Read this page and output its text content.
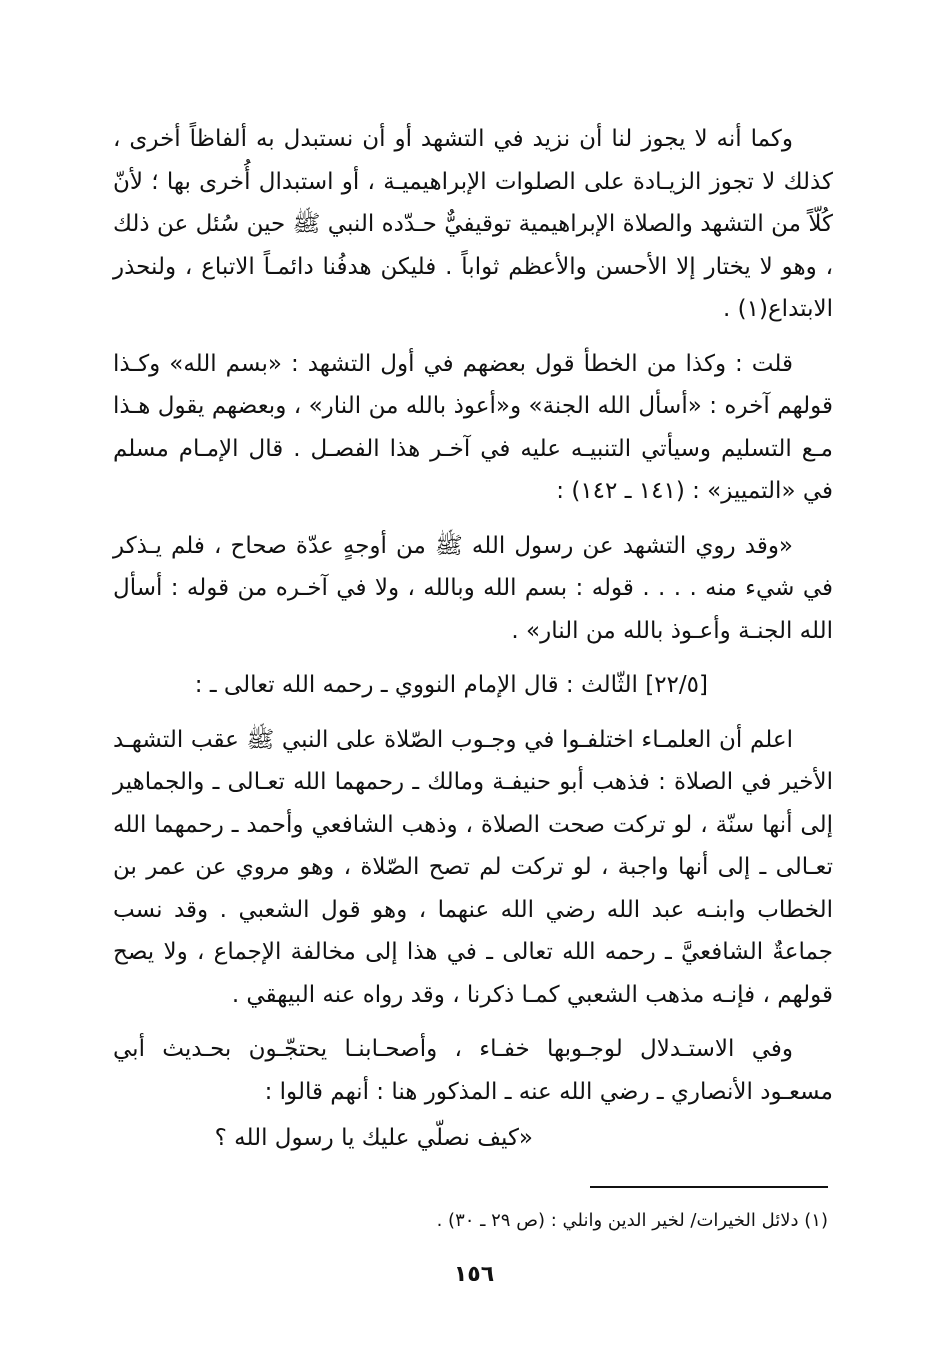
وكما أنه لا يجوز لنا أن نزيد في التشهد أو أن نستبدل به ألفاظاً أخرى ، كذلك لا تجوز الزيـادة على الصلوات الإبراهيميـة ، أو استبدال أُخرى بها ؛ لأنّ كُلّاً من التشهد والصلاة الإبراهيمية توقيفيٌّ حـدّده النبي ﷺ حين سُئل عن ذلك ، وهو لا يختار إلا الأحسن والأعظم ثواباً . فليكن هدفُنا دائمـاً الاتباع ، ولنحذر الابتداع(١) .

قلت : وكذا من الخطأ قول بعضهم في أول التشهد : «بسم الله» وكـذا قولهم آخره : «أسأل الله الجنة» و«أعوذ بالله من النار» ، وبعضهم يقول هـذا مـع التسليم وسيأتي التنبيـه عليه في آخـر هذا الفصـل . قال الإمـام مسلم في «التمييز» : (١٤١ ـ ١٤٢) :

«وقد روي التشهد عن رسول الله ﷺ من أوجهٍ عدّة صحاح ، فلم يـذكر في شيء منه . . . . قوله : بسم الله وبالله ، ولا في آخـره من قوله : أسأل الله الجنـة وأعـوذ بالله من النار» .

[٢٢/٥] الثّالث : قال الإمام النووي ـ رحمه الله تعالى ـ :

اعلم أن العلمـاء اختلفـوا في وجـوب الصّلاة على النبي ﷺ عقب التشهـد الأخير في الصلاة : فذهب أبو حنيفـة ومالك ـ رحمهما الله تعـالى ـ والجماهير إلى أنها سنّة ، لو تركت صحت الصلاة ، وذهب الشافعي وأحمد ـ رحمهما الله تعـالى ـ إلى أنها واجبة ، لو تركت لم تصح الصّلاة ، وهو مروي عن عمر بن الخطاب وابنـه عبد الله رضي الله عنهما ، وهو قول الشعبي . وقد نسب جماعةٌ الشافعيَّ ـ رحمه الله تعالى ـ في هذا إلى مخالفة الإجماع ، ولا يصح قولهم ، فإنـه مذهب الشعبي كمـا ذكرنا ، وقد رواه عنه البيهقي .

وفي الاستـدلال لوجـوبها خفـاء ، وأصحـابنـا يحتجّـون بحـديث أبي مسعـود الأنصاري ـ رضي الله عنه ـ المذكور هنا : أنهم قالوا :

«كيف نصلّي عليك يا رسول الله ؟

(١) دلائل الخيرات/ لخير الدين وانلي : (ص ٢٩ ـ ٣٠) .
١٥٦
